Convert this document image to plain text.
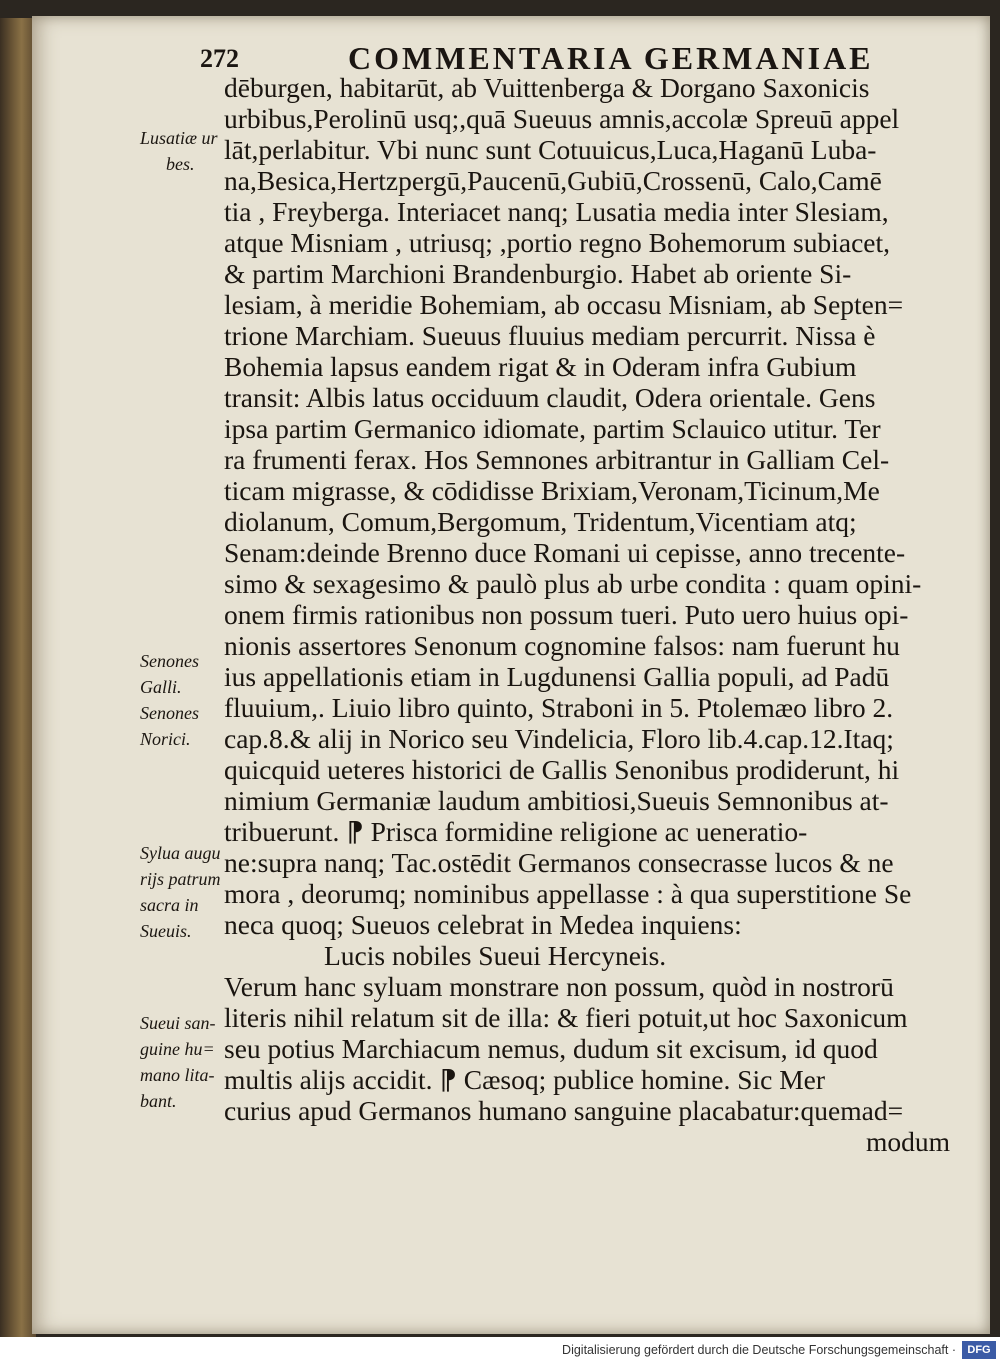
272	COMMENTARIA GERMANIAE
dēburgen, habitarūt, ab Vuittenberga & Dorgano Saxonicis
urbibus,Perolinū usq;,quā Sueuus amnis,accolæ Spreuū appel
lāt,perlabitur. Vbi nunc sunt Cotuuicus,Luca,Haganū Luba-
na,Besica,Hertzpergū,Paucenū,Gubiū,Crossenū, Calo,Camē
tia , Freyberga. Interiacet nanq; Lusatia media inter Slesiam,
atque Misniam , utriusq; ,portio regno Bohemorum subiacet,
& partim Marchioni Brandenburgio. Habet ab oriente Si-
lesiam, à meridie Bohemiam, ab occasu Misniam, ab Septen=
trione Marchiam. Sueuus fluuius mediam percurrit. Nissa è
Bohemia lapsus eandem rigat & in Oderam infra Gubium
transit: Albis latus occiduum claudit, Odera orientale. Gens
ipsa partim Germanico idiomate, partim Sclauico utitur. Ter
ra frumenti ferax. Hos Semnones arbitrantur in Galliam Cel-
ticam migrasse, & cōdidisse Brixiam,Veronam,Ticinum,Me
diolanum, Comum,Bergomum, Tridentum,Vicentiam atq;
Senam:deinde Brenno duce Romani ui cepisse, anno trecente-
simo & sexagesimo & paulò plus ab urbe condita : quam opini-
onem firmis rationibus non possum tueri. Puto uero huius opi-
nionis assertores Senonum cognomine falsos: nam fuerunt hu
ius appellationis etiam in Lugdunensi Gallia populi, ad Padū
fluuium,. Liuio libro quinto, Straboni in 5. Ptolemæo libro 2.
cap.8.& alij in Norico seu Vindelicia, Floro lib.4.cap.12.Itaq;
quicquid ueteres historici de Gallis Senonibus prodiderunt, hi
nimium Germaniæ laudum ambitiosi,Sueuis Semnonibus at-
tribuerunt. ⁋ Prisca formidine religione ac ueneratio-
ne:supra nanq; Tac.ostēdit Germanos consecrasse lucos & ne
mora , deorumq; nominibus appellasse : à qua superstitione Se
neca quoq; Sueuos celebrat in Medea inquiens:
Lucis nobiles Sueui Hercyneis.
Verum hanc syluam monstrare non possum, quòd in nostrorū
literis nihil relatum sit de illa: & fieri potuit,ut hoc Saxonicum
seu potius Marchiacum nemus, dudum sit excisum, id quod
multis alijs accidit. ⁋ Cæsoq; publice homine. Sic Mer
curius apud Germanos humano sanguine placabatur:quemad=
modum
Lusatiæ ur
bes.
Senones
Galli.
Senones
Norici.
Sylua augu
rijs patrum
sacra in
Sueuis.
Sueui san-
guine hu=
mano lita-
bant.
Digitalisierung gefördert durch die Deutsche Forschungsgemeinschaft ·	DFG
